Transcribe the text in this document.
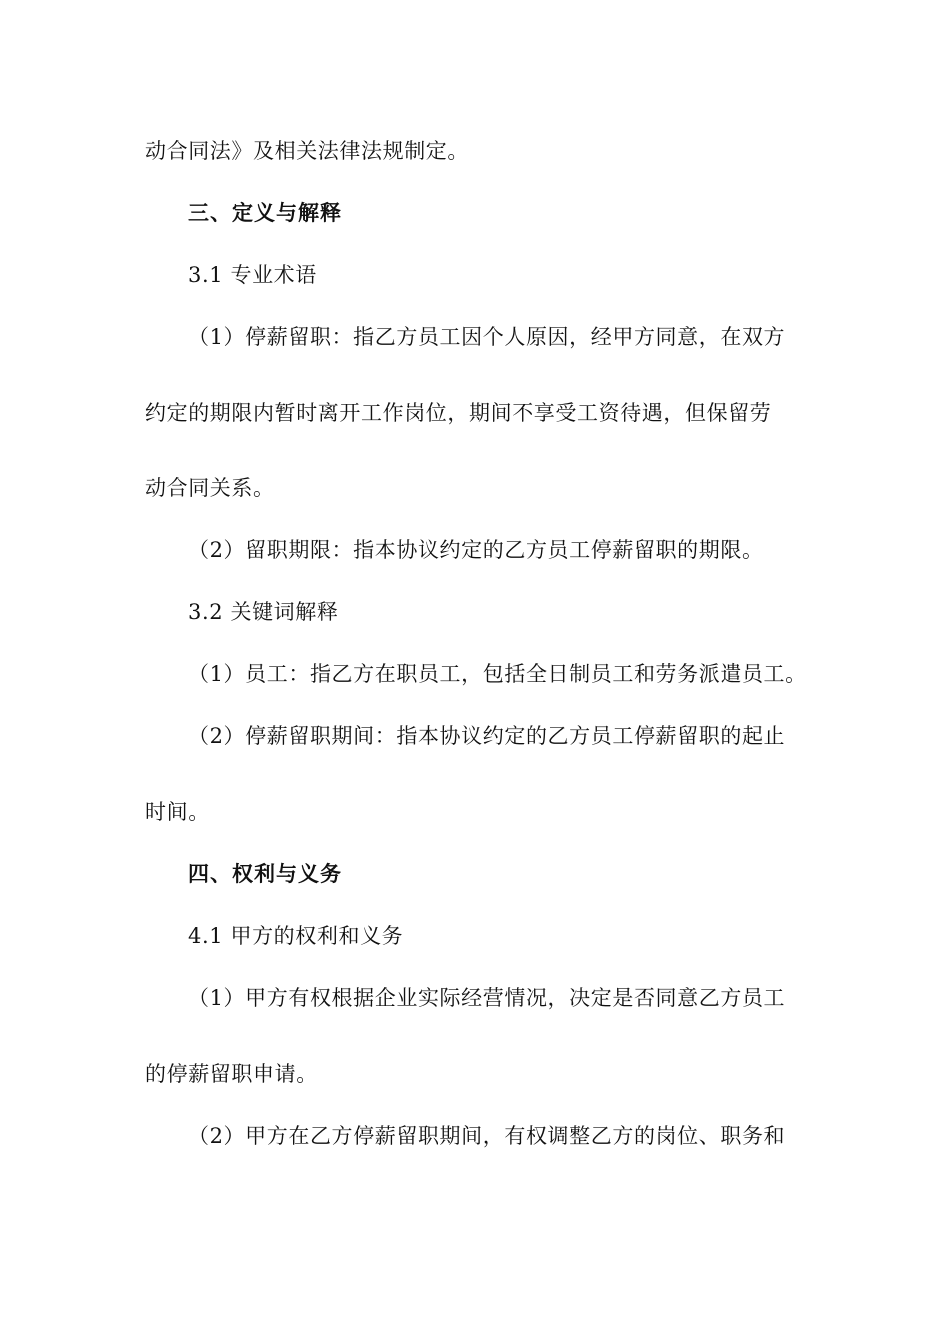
动合同法》及相关法律法规制定。
三、定义与解释
3.1 专业术语
（1）停薪留职：指乙方员工因个人原因，经甲方同意，在双方
约定的期限内暂时离开工作岗位，期间不享受工资待遇，但保留劳
动合同关系。
（2）留职期限：指本协议约定的乙方员工停薪留职的期限。
3.2 关键词解释
（1）员工：指乙方在职员工，包括全日制员工和劳务派遣员工。
（2）停薪留职期间：指本协议约定的乙方员工停薪留职的起止
时间。
四、权利与义务
4.1 甲方的权利和义务
（1）甲方有权根据企业实际经营情况，决定是否同意乙方员工
的停薪留职申请。
（2）甲方在乙方停薪留职期间，有权调整乙方的岗位、职务和
